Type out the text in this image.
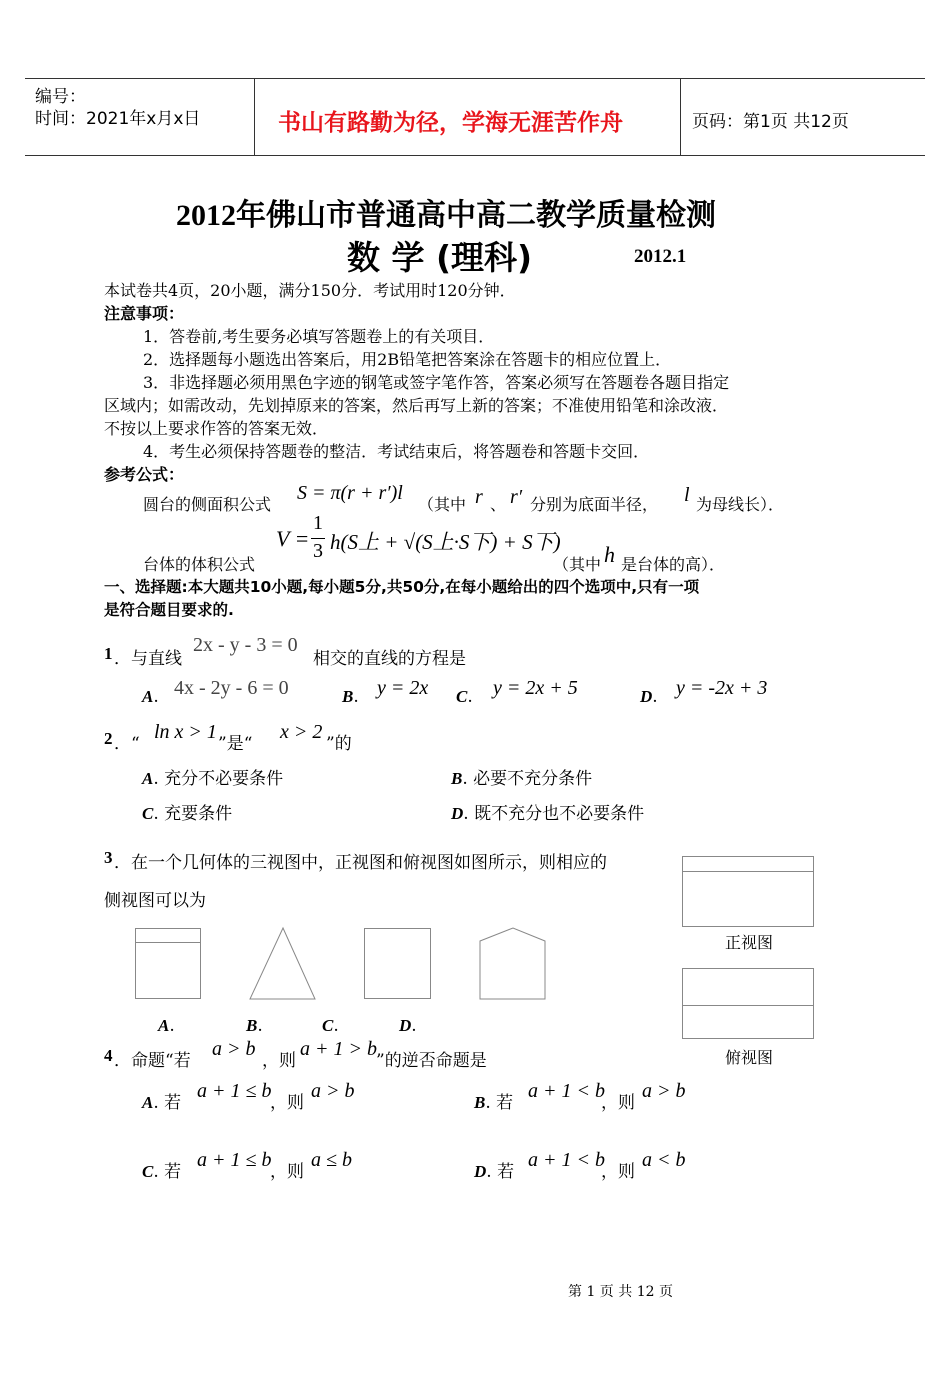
编号：
时间：2021年x月x日	书山有路勤为径，学海无涯苦作舟	页码：第1页 共12页
2012年佛山市普通高中高二教学质量检测
数 学 (理科)	2012.1
本试卷共4页，20小题，满分150分．考试用时120分钟．
注意事项：
1．答卷前,考生要务必填写答题卷上的有关项目．
2．选择题每小题选出答案后，用2B铅笔把答案涂在答题卡的相应位置上．
3．非选择题必须用黑色字迹的钢笔或签字笔作答，答案必须写在答题卷各题目指定
区域内；如需改动，先划掉原来的答案，然后再写上新的答案；不准使用铅笔和涂改液．
不按以上要求作答的答案无效．
4．考生必须保持答题卷的整洁．考试结束后，将答题卷和答题卡交回．
参考公式：
圆台的侧面积公式
S = π(r + r′)l
（其中 r 、 r′ 分别为底面半径， l 为母线长）．
台体的体积公式
V =
1
3 h(S上 + √(S上·S下) + S下)
（其中 h 是台体的高）．
一、选择题:本大题共10小题,每小题5分,共50分,在每小题给出的四个选项中,只有一项
是符合题目要求的.
1 ．与直线
2x - y - 3 = 0
相交的直线的方程是
A. 4x - 2y - 6 = 0	B. y = 2x C. y = 2x + 5	D. y = -2x + 3
2 ．“
ln x > 1
”是“
x > 2
”的
A. 充分不必要条件	B. 必要不充分条件
C. 充要条件	D. 既不充分也不必要条件
3 ．在一个几何体的三视图中，正视图和俯视图如图所示，则相应的
侧视图可以为
正视图
俯视图
A.	B.	C.	D.
4 ．命题“若
a > b
，则
a + 1 > b
”的逆否命题是
A. 若
a + 1 ≤ b
，则
a > b
B. 若
a + 1 < b
，则
a > b
C. 若
a + 1 ≤ b
，则
a ≤ b
D. 若
a + 1 < b
，则
a < b
第 1 页 共 12 页
